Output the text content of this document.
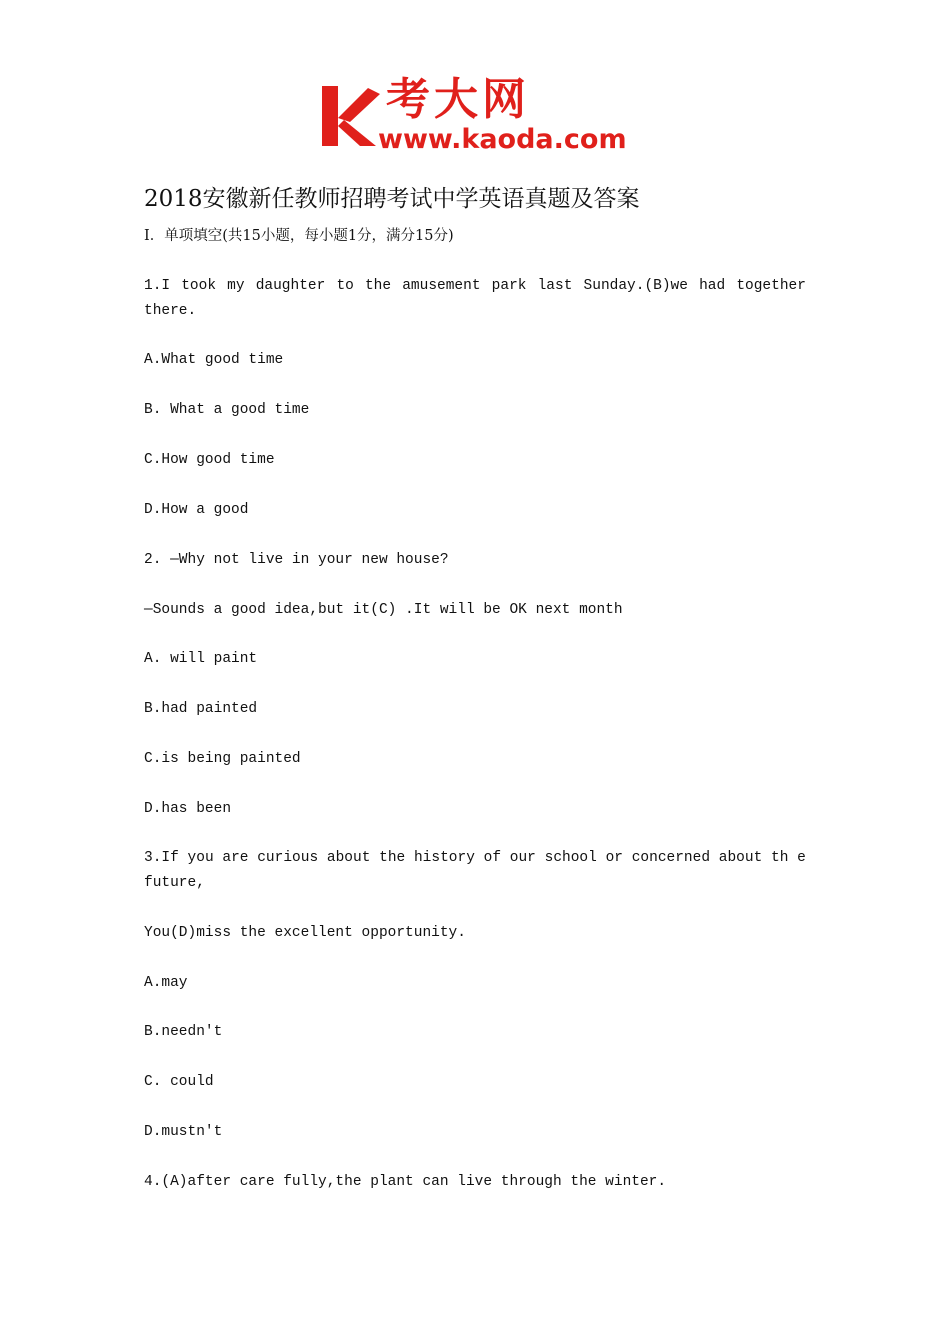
考大网
www.kaoda.com
2018安徽新任教师招聘考试中学英语真题及答案
Ⅰ．单项填空(共15小题，每小题1分，满分15分)
1.I took my daughter to the amusement park last Sunday.(B)we had together
there.
A.What good time
B. What a good time
C.How good time
D.How a good
2. —Why not live in your new house?
—Sounds a good idea,but it(C) .It will be OK next month
A. will paint
B.had painted
C.is being painted
D.has been
3.If you are curious about the history of our school or concerned about th e
future,
You(D)miss the excellent opportunity.
A.may
B.needn't
C. could
D.mustn't
4.(A)after care fully,the plant can live through the winter.
